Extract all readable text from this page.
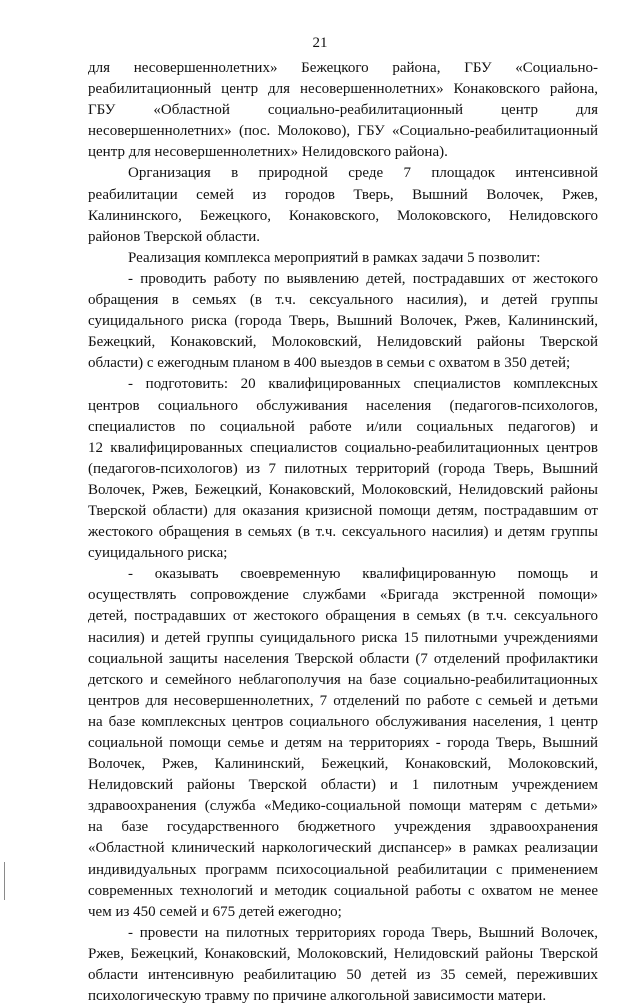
21
для несовершеннолетних» Бежецкого района, ГБУ «Социально-
реабилитационный центр для несовершеннолетних» Конаковского района,
ГБУ «Областной социально-реабилитационный центр для
несовершеннолетних» (пос. Молоково), ГБУ «Социально-реабилитационный
центр для несовершеннолетних» Нелидовского района).
Организация в природной среде 7 площадок интенсивной
реабилитации семей из городов Тверь, Вышний Волочек, Ржев,
Калининского, Бежецкого, Конаковского, Молоковского, Нелидовского
районов Тверской области.
Реализация комплекса мероприятий в рамках задачи 5 позволит:
- проводить работу по выявлению детей, пострадавших от жестокого
обращения в семьях (в т.ч. сексуального насилия), и детей группы
суицидального риска (города Тверь, Вышний Волочек, Ржев, Калининский,
Бежецкий, Конаковский, Молоковский, Нелидовский районы Тверской
области) с ежегодным планом в 400 выездов в семьи с охватом в 350 детей;
- подготовить: 20 квалифицированных специалистов комплексных
центров социального обслуживания населения (педагогов-психологов,
специалистов по социальной работе и/или социальных педагогов) и
12 квалифицированных специалистов социально-реабилитационных центров
(педагогов-психологов) из 7 пилотных территорий (города Тверь, Вышний
Волочек, Ржев, Бежецкий, Конаковский, Молоковский, Нелидовский районы
Тверской области) для оказания кризисной помощи детям, пострадавшим от
жестокого обращения в семьях (в т.ч. сексуального насилия) и детям группы
суицидального риска;
- оказывать своевременную квалифицированную помощь и
осуществлять сопровождение службами «Бригада экстренной помощи»
детей, пострадавших от жестокого обращения в семьях (в т.ч. сексуального
насилия) и детей группы суицидального риска 15 пилотными учреждениями
социальной защиты населения Тверской области (7 отделений профилактики
детского и семейного неблагополучия на базе социально-реабилитационных
центров для несовершеннолетних, 7 отделений по работе с семьей и детьми
на базе комплексных центров социального обслуживания населения, 1 центр
социальной помощи семье и детям на территориях - города Тверь, Вышний
Волочек, Ржев, Калининский, Бежецкий, Конаковский, Молоковский,
Нелидовский районы Тверской области) и 1 пилотным учреждением
здравоохранения (служба «Медико-социальной помощи матерям с детьми»
на базе государственного бюджетного учреждения здравоохранения
«Областной клинический наркологический диспансер» в рамках реализации
индивидуальных программ психосоциальной реабилитации с применением
современных технологий и методик социальной работы с охватом не менее
чем из 450 семей и 675 детей ежегодно;
- провести на пилотных территориях города Тверь, Вышний Волочек,
Ржев, Бежецкий, Конаковский, Молоковский, Нелидовский районы Тверской
области интенсивную реабилитацию 50 детей из 35 семей, переживших
психологическую травму по причине алкогольной зависимости матери.
